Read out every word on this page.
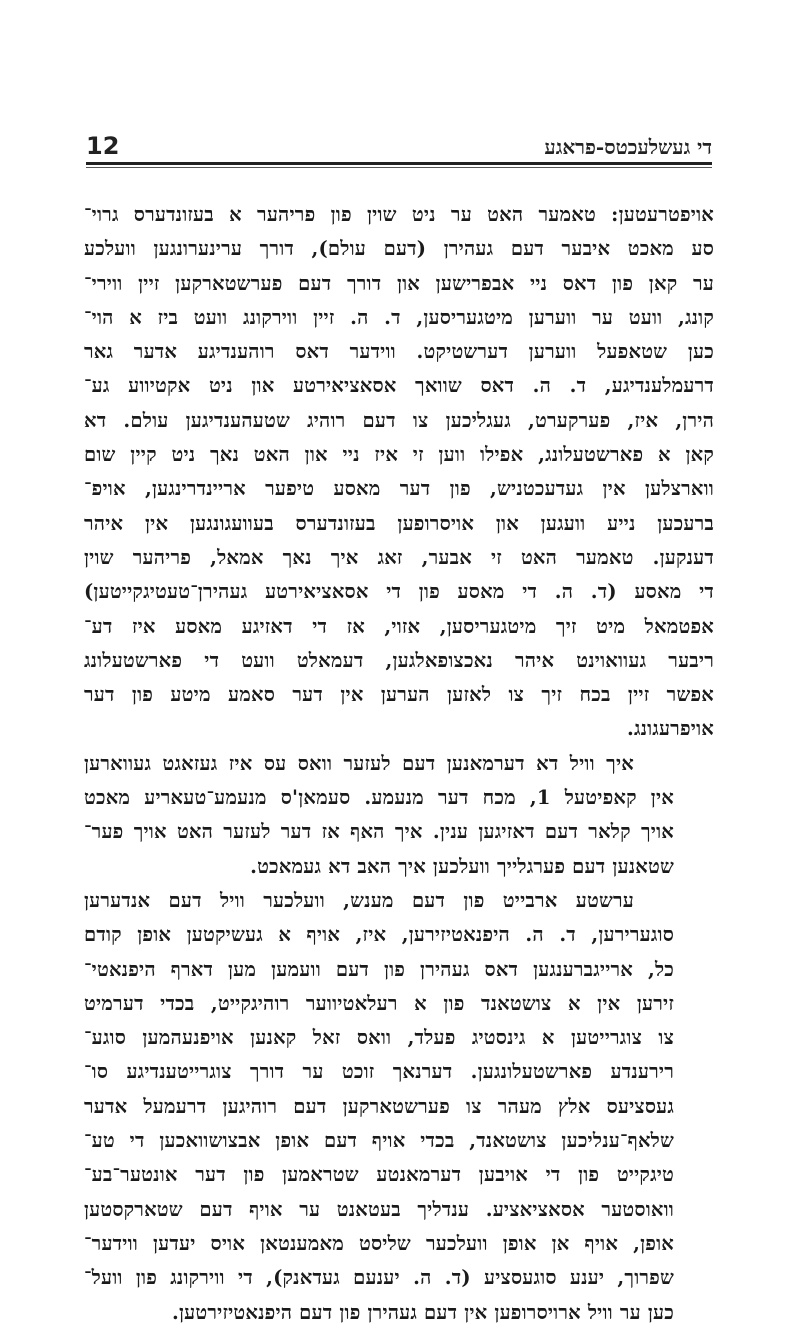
12	די געשלעכטס-פראגע
אויפטרעטען: טאמער האט ער ניט שוין פון פריהער א בעזונדערס גרוי־
סע מאכט איבער דעם געהירן (דעם עולם), דורך ערינערונגען וועלכע
ער קאן פון דאס ניי אבפרישען און דורך דעם פערשטארקען זיין ווירי־
קונג, וועט ער ווערען מיטגעריסען, ד. ה. זיין ווירקונג וועט ביז א הוי־
כען שטאפעל ווערען דערשטיקט. ווידער דאס רוהענדיגע אדער גאר
דרעמלענדיגע, ד. ה. דאס שוואך אסאציאירטע און ניט אקטיווע גע־
הירן, איז, פערקערט, געגליכען צו דעם רוהיג שטעהענדיגען עולם. דא
קאן א פארשטעלונג, אפילו ווען זי איז ניי און האט נאך ניט קיין שום
ווארצלען אין געדעכטניש, פון דער מאסע טיפער אריינדרינגען, אויפ־
ברעכען נייע וועגען און אויסרופען בעזונדערס בעוועגונגען אין איהר
דענקען. טאמער האט זי אבער, זאג איך נאך אמאל, פריהער שוין
די מאסע (ד. ה. די מאסע פון די אסאציאירטע געהירן־טעטיגקייטען)
אפטמאל מיט זיך מיטגעריסען, אזוי, אז די דאזיגע מאסע איז דע־
ריבער געוואוינט איהר נאכצופאלגען, דעמאלט וועט די פארשטעלונג
אפשר זיין בכח זיך צו לאזען הערען אין דער סאמע מיטע פון דער
אויפרעגונג.
איך וויל דא דערמאנען דעם לעזער וואס עס איז געזאגט געווארען
אין קאפיטעל 1, מכח דער מנעמע. סעמאן'ס מנעמע־טעאריע מאכט
אויך קלאר דעם דאזיגען ענין. איך האף אז דער לעזער האט אויך פער־
שטאנען דעם פערגלייך וועלכען איך האב דא געמאכט.
ערשטע ארבייט פון דעם מענש, וועלכער וויל דעם אנדערען
סוגערירען, ד. ה. היפנאטיזירען, איז, אויף א געשיקטען אופן קודם
כל, ארייגברענגען דאס געהירן פון דעם וועמען מען דארף היפנאטי־
זירען אין א צושטאנד פון א רעלאטיווער רוהיגקייט, בכדי דערמיט
צו צוגרייטען א גינסטיג פעלד, וואס זאל קאנען אויפנעהמען סוגע־
רירענדע פארשטעלונגען. דערנאך זוכט ער דורך צוגרייטענדיגע סו־
געסציעס אלץ מעהר צו פערשטארקען דעם רוהיגען דרעמעל אדער
שלאף־ענליכען צושטאנד, בכדי אויף דעם אופן אבצושוואכען די טע־
טיגקייט פון די אויבען דערמאנטע שטראמען פון דער אונטער־בע־
וואוסטער אסאציאציע. ענדליך בעטאנט ער אויף דעם שטארקסטען
אופן, אויף אן אופן וועלכער שליסט מאמענטאן אויס יעדען ווידער־
שפרוך, יענע סוגעסציע (ד. ה. יענעם געדאנק), די ווירקונג פון וועל־
כען ער וויל ארויסרופען אין דעם געהירן פון דעם היפנאטיזירטען.
